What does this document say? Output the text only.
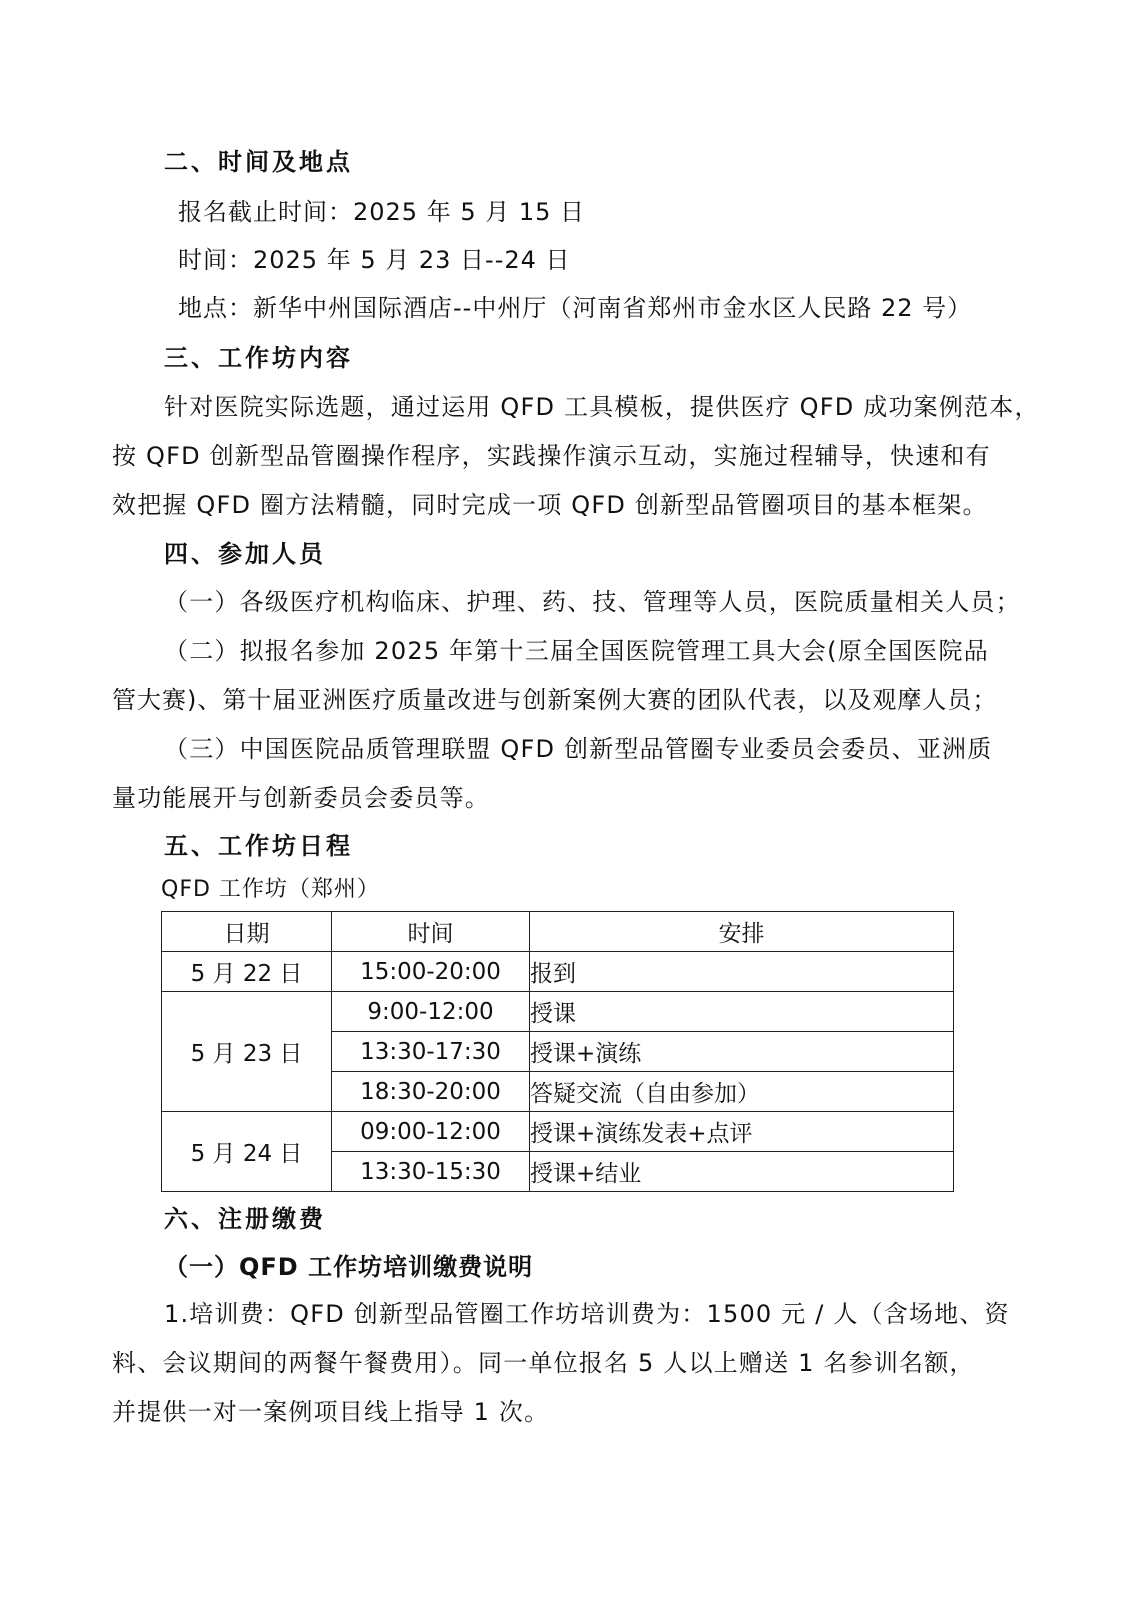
二、时间及地点
报名截止时间：2025 年 5 月 15 日
时间：2025 年 5 月 23 日--24 日
地点：新华中州国际酒店--中州厅（河南省郑州市金水区人民路 22 号）
三、工作坊内容
针对医院实际选题，通过运用 QFD 工具模板，提供医疗 QFD 成功案例范本，
按 QFD 创新型品管圈操作程序，实践操作演示互动，实施过程辅导，快速和有
效把握 QFD 圈方法精髓，同时完成一项 QFD 创新型品管圈项目的基本框架。
四、参加人员
（一）各级医疗机构临床、护理、药、技、管理等人员，医院质量相关人员；
（二）拟报名参加 2025 年第十三届全国医院管理工具大会(原全国医院品
管大赛)、第十届亚洲医疗质量改进与创新案例大赛的团队代表，以及观摩人员；
（三）中国医院品质管理联盟 QFD 创新型品管圈专业委员会委员、亚洲质
量功能展开与创新委员会委员等。
五、工作坊日程
QFD 工作坊（郑州）
日期	时间	安排
5 月 22 日	15:00-20:00	报到
5 月 23 日	9:00-12:00	授课
	13:30-17:30	授课+演练
	18:30-20:00	答疑交流（自由参加）
5 月 24 日	09:00-12:00	授课+演练发表+点评
	13:30-15:30	授课+结业
六、注册缴费
（一）QFD 工作坊培训缴费说明
1.培训费：QFD 创新型品管圈工作坊培训费为：1500 元 / 人（含场地、资
料、会议期间的两餐午餐费用）。同一单位报名 5 人以上赠送 1 名参训名额，
并提供一对一案例项目线上指导 1 次。
